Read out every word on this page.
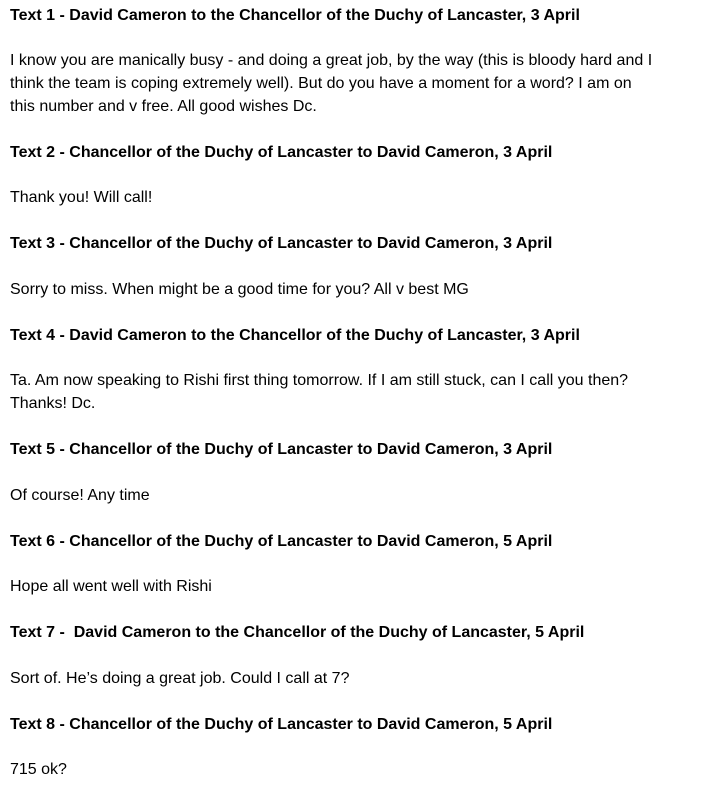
Text 1 - David Cameron to the Chancellor of the Duchy of Lancaster, 3 April

I know you are manically busy - and doing a great job, by the way (this is bloody hard and I
think the team is coping extremely well). But do you have a moment for a word? I am on
this number and v free. All good wishes Dc.

Text 2 - Chancellor of the Duchy of Lancaster to David Cameron, 3 April

Thank you! Will call!

Text 3 - Chancellor of the Duchy of Lancaster to David Cameron, 3 April

Sorry to miss. When might be a good time for you? All v best MG

Text 4 - David Cameron to the Chancellor of the Duchy of Lancaster, 3 April

Ta. Am now speaking to Rishi first thing tomorrow. If I am still stuck, can I call you then?
Thanks! Dc.

Text 5 - Chancellor of the Duchy of Lancaster to David Cameron, 3 April

Of course! Any time

Text 6 - Chancellor of the Duchy of Lancaster to David Cameron, 5 April

Hope all went well with Rishi

Text 7 -  David Cameron to the Chancellor of the Duchy of Lancaster, 5 April

Sort of. He’s doing a great job. Could I call at 7?

Text 8 - Chancellor of the Duchy of Lancaster to David Cameron, 5 April

715 ok?
